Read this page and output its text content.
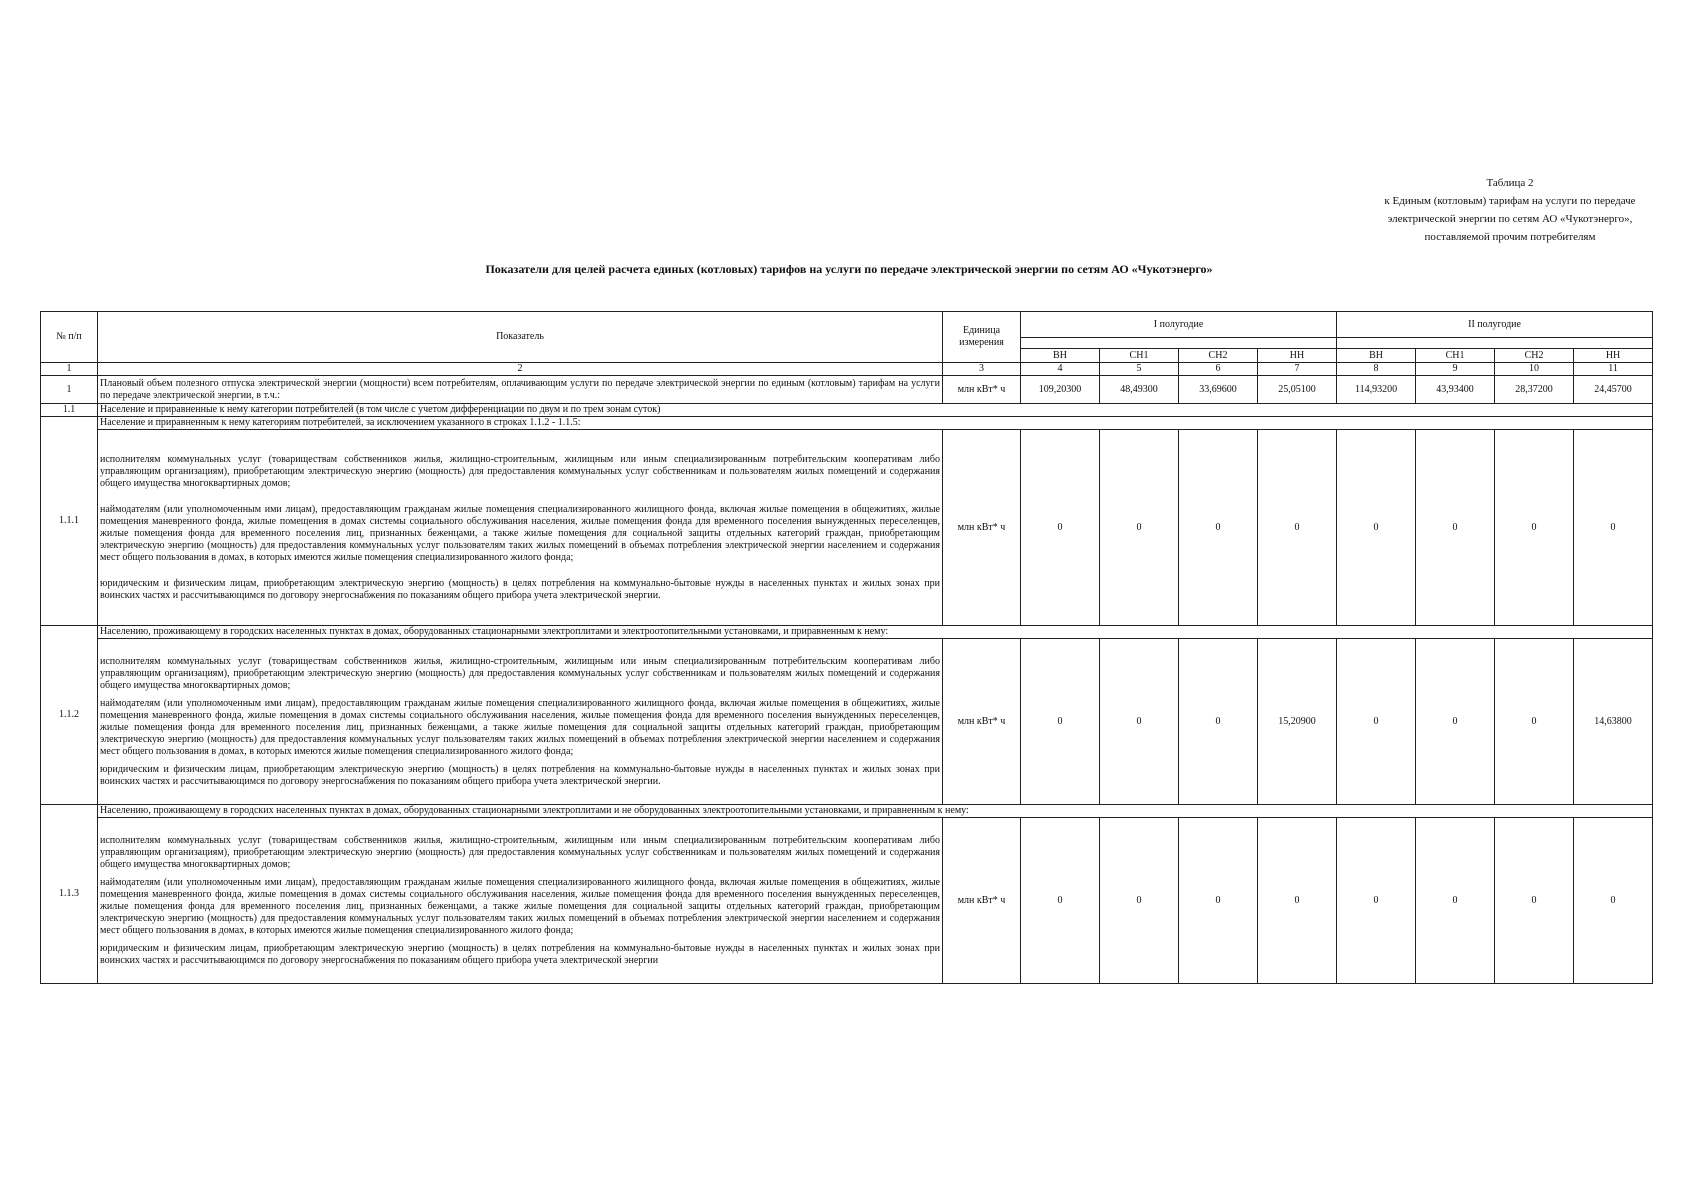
Таблица 2
к Единым (котловым) тарифам на услуги по передаче
электрической энергии по сетям АО «Чукотэнерго»,
поставляемой прочим потребителям
Показатели для целей расчета единых (котловых) тарифов на услуги по передаче электрической энергии по сетям АО «Чукотэнерго»
№ п/п	Показатель	Единица измерения	I полугодие				II полугодие			

			ВН	СН1	СН2	НН	ВН	СН1	СН2	НН
1	2	3	4	5	6	7	8	9	10	11
1	Плановый объем полезного отпуска электрической энергии (мощности) всем потребителям, оплачивающим услуги по передаче электрической энергии по единым (котловым) тарифам на услуги по передаче электрической энергии, в т.ч.:	млн кВт* ч	109,20300	48,49300	33,69600	25,05100	114,93200	43,93400	28,37200	24,45700
1.1	Население и приравненные к нему категории потребителей (в том числе с учетом дифференциации по двум и по трем зонам суток)									
1.1.1	Население и приравненным к нему категориям потребителей, за исключением указанного в строках 1.1.2 - 1.1.5:									

	исполнителям коммунальных услуг (товариществам собственников жилья, жилищно-строительным, жилищным или иным специализированным потребительским кооперативам либо управляющим организациям), приобретающим электрическую энергию (мощность) для предоставления коммунальных услуг собственникам и пользователям жилых помещений и содержания общего имущества многоквартирных домов;
наймодателям (или уполномоченным ими лицам), предоставляющим гражданам жилые помещения специализированного жилищного фонда, включая жилые помещения в общежитиях, жилые помещения маневренного фонда, жилые помещения в домах системы социального обслуживания населения, жилые помещения фонда для временного поселения вынужденных переселенцев, жилые помещения фонда для временного поселения лиц, признанных беженцами, а также жилые помещения для социальной защиты отдельных категорий граждан, приобретающим электрическую энергию (мощность) для предоставления коммунальных услуг пользователям таких жилых помещений в объемах потребления электрической энергии населением и содержания мест общего пользования в домах, в которых имеются жилые помещения специализированного жилого фонда;
юридическим и физическим лицам, приобретающим электрическую энергию (мощность) в целях потребления на коммунально-бытовые нужды в населенных пунктах и жилых зонах при воинских частях и рассчитывающимся по договору энергоснабжения по показаниям общего прибора учета электрической энергии.	млн кВт* ч	0	0	0	0	0	0	0	0
1.1.2	Населению, проживающему в городских населенных пунктах в домах, оборудованных стационарными электроплитами и электроотопительными установками, и приравненным к нему:									

	исполнителям коммунальных услуг (товариществам собственников жилья, жилищно-строительным, жилищным или иным специализированным потребительским кооперативам либо управляющим организациям), приобретающим электрическую энергию (мощность) для предоставления коммунальных услуг собственникам и пользователям жилых помещений и содержания общего имущества многоквартирных домов;
наймодателям (или уполномоченным ими лицам), предоставляющим гражданам жилые помещения специализированного жилищного фонда, включая жилые помещения в общежитиях, жилые помещения маневренного фонда, жилые помещения в домах системы социального обслуживания населения, жилые помещения фонда для временного поселения вынужденных переселенцев, жилые помещения фонда для временного поселения лиц, признанных беженцами, а также жилые помещения для социальной защиты отдельных категорий граждан, приобретающим электрическую энергию (мощность) для предоставления коммунальных услуг пользователям таких жилых помещений в объемах потребления электрической энергии населением и содержания мест общего пользования в домах, в которых имеются жилые помещения специализированного жилого фонда;
юридическим и физическим лицам, приобретающим электрическую энергию (мощность) в целях потребления на коммунально-бытовые нужды в населенных пунктах и жилых зонах при воинских частях и рассчитывающимся по договору энергоснабжения по показаниям общего прибора учета электрической энергии.	млн кВт* ч	0	0	0	15,20900	0	0	0	14,63800
1.1.3	Населению, проживающему в городских населенных пунктах в домах, оборудованных стационарными электроплитами и не оборудованных электроотопительными установками, и приравненным к нему:									

	исполнителям коммунальных услуг (товариществам собственников жилья, жилищно-строительным, жилищным или иным специализированным потребительским кооперативам либо управляющим организациям), приобретающим электрическую энергию (мощность) для предоставления коммунальных услуг собственникам и пользователям жилых помещений и содержания общего имущества многоквартирных домов;
наймодателям (или уполномоченным ими лицам), предоставляющим гражданам жилые помещения специализированного жилищного фонда, включая жилые помещения в общежитиях, жилые помещения маневренного фонда, жилые помещения в домах системы социального обслуживания населения, жилые помещения фонда для временного поселения вынужденных переселенцев, жилые помещения фонда для временного поселения лиц, признанных беженцами, а также жилые помещения для социальной защиты отдельных категорий граждан, приобретающим электрическую энергию (мощность) для предоставления коммунальных услуг пользователям таких жилых помещений в объемах потребления электрической энергии населением и содержания мест общего пользования в домах, в которых имеются жилые помещения специализированного жилого фонда;
юридическим и физическим лицам, приобретающим электрическую энергию (мощность) в целях потребления на коммунально-бытовые нужды в населенных пунктах и жилых зонах при воинских частях и рассчитывающимся по договору энергоснабжения по показаниям общего прибора учета электрической энергии	млн кВт* ч	0	0	0	0	0	0	0	0
